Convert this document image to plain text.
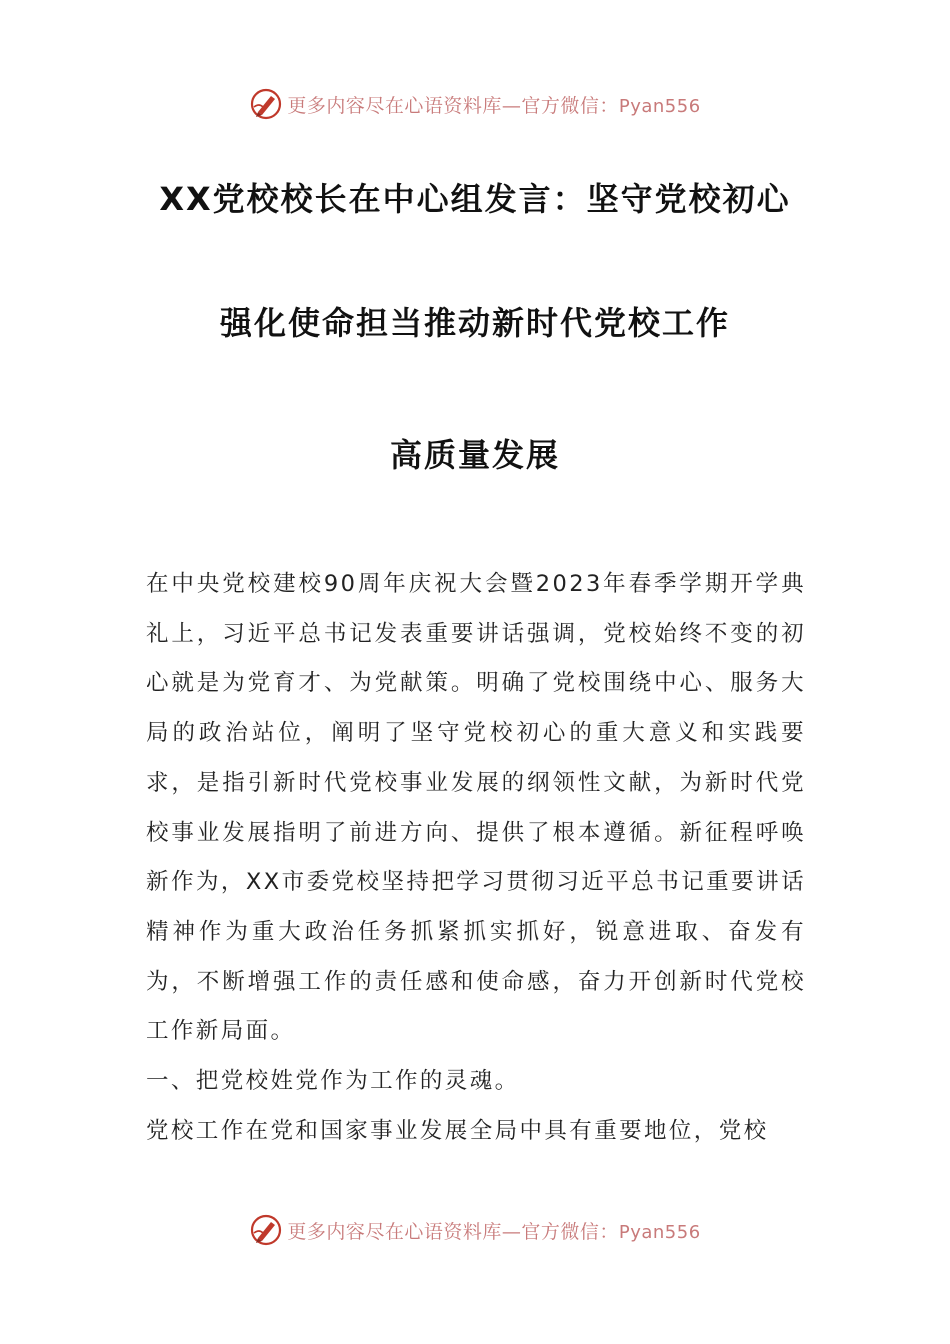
更多内容尽在心语资料库—官方微信：Pyan556
XX党校校长在中心组发言：坚守党校初心
强化使命担当推动新时代党校工作
高质量发展

在中央党校建校90周年庆祝大会暨2023年春季学期开学典礼上，习近平总书记发表重要讲话强调，党校始终不变的初心就是为党育才、为党献策。明确了党校围绕中心、服务大局的政治站位，阐明了坚守党校初心的重大意义和实践要求，是指引新时代党校事业发展的纲领性文献，为新时代党校事业发展指明了前进方向、提供了根本遵循。新征程呼唤新作为，XX市委党校坚持把学习贯彻习近平总书记重要讲话精神作为重大政治任务抓紧抓实抓好，锐意进取、奋发有为，不断增强工作的责任感和使命感，奋力开创新时代党校工作新局面。

一、把党校姓党作为工作的灵魂。

党校工作在党和国家事业发展全局中具有重要地位，党校

更多内容尽在心语资料库—官方微信：Pyan556
